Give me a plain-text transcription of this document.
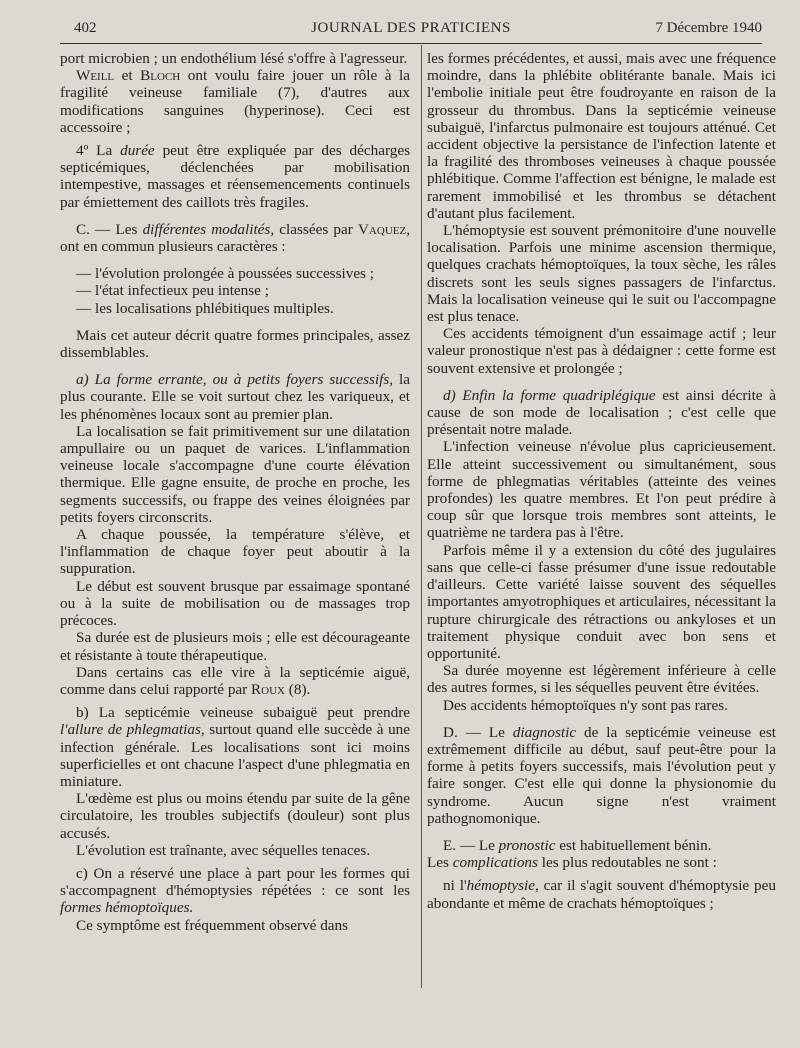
402	JOURNAL DES PRATICIENS	7 Décembre 1940

port microbien ; un endothélium lésé s'offre à l'agresseur.

Weill et Bloch ont voulu faire jouer un rôle à la fragilité veineuse familiale (7), d'autres aux modifications sanguines (hyperinose). Ceci est accessoire ;

4º La durée peut être expliquée par des décharges septicémiques, déclenchées par mobilisation intempestive, massages et réensemencements continuels par émiettement des caillots très fragiles.

C. — Les différentes modalités, classées par Vaquez, ont en commun plusieurs caractères :

— l'évolution prolongée à poussées successives ;
— l'état infectieux peu intense ;
— les localisations phlébitiques multiples.

Mais cet auteur décrit quatre formes principales, assez dissemblables.

a) La forme errante, ou à petits foyers successifs, la plus courante. Elle se voit surtout chez les variqueux, et les phénomènes locaux sont au premier plan.

La localisation se fait primitivement sur une dilatation ampullaire ou un paquet de varices. L'inflammation veineuse locale s'accompagne d'une courte élévation thermique. Elle gagne ensuite, de proche en proche, les segments successifs, ou frappe des veines éloignées par petits foyers circonscrits.

A chaque poussée, la température s'élève, et l'inflammation de chaque foyer peut aboutir à la suppuration.

Le début est souvent brusque par essaimage spontané ou à la suite de mobilisation ou de massages trop précoces.

Sa durée est de plusieurs mois ; elle est décourageante et résistante à toute thérapeutique.

Dans certains cas elle vire à la septicémie aiguë, comme dans celui rapporté par Roux (8).

b) La septicémie veineuse subaiguë peut prendre l'allure de phlegmatias, surtout quand elle succède à une infection générale. Les localisations sont ici moins superficielles et ont chacune l'aspect d'une phlegmatia en miniature.

L'œdème est plus ou moins étendu par suite de la gêne circulatoire, les troubles subjectifs (douleur) sont plus accusés.

L'évolution est traînante, avec séquelles tenaces.

c) On a réservé une place à part pour les formes qui s'accompagnent d'hémoptysies répétées : ce sont les formes hémoptoïques.

Ce symptôme est fréquemment observé dans

les formes précédentes, et aussi, mais avec une fréquence moindre, dans la phlébite oblitérante banale. Mais ici l'embolie initiale peut être foudroyante en raison de la grosseur du thrombus. Dans la septicémie veineuse subaiguë, l'infarctus pulmonaire est toujours atténué. Cet accident objective la persistance de l'infection latente et la fragilité des thromboses veineuses à chaque poussée phlébitique. Comme l'affection est bénigne, le malade est rarement immobilisé et les thrombus se détachent d'autant plus facilement.

L'hémoptysie est souvent prémonitoire d'une nouvelle localisation. Parfois une minime ascension thermique, quelques crachats hémoptoïques, la toux sèche, les râles discrets sont les seuls signes passagers de l'infarctus. Mais la localisation veineuse qui le suit ou l'accompagne est plus tenace.

Ces accidents témoignent d'un essaimage actif ; leur valeur pronostique n'est pas à dédaigner : cette forme est souvent extensive et prolongée ;

d) Enfin la forme quadriplégique est ainsi décrite à cause de son mode de localisation ; c'est celle que présentait notre malade.

L'infection veineuse n'évolue plus capricieusement. Elle atteint successivement ou simultanément, sous forme de phlegmatias véritables (atteinte des veines profondes) les quatre membres. Et l'on peut prédire à coup sûr que lorsque trois membres sont atteints, le quatrième ne tardera pas à l'être.

Parfois même il y a extension du côté des jugulaires sans que celle-ci fasse présumer d'une issue redoutable d'ailleurs. Cette variété laisse souvent des séquelles importantes amyotrophiques et articulaires, nécessitant la rupture chirurgicale des rétractions ou ankyloses et un traitement physique conduit avec bon sens et opportunité.

Sa durée moyenne est légèrement inférieure à celle des autres formes, si les séquelles peuvent être évitées.

Des accidents hémoptoïques n'y sont pas rares.

D. — Le diagnostic de la septicémie veineuse est extrêmement difficile au début, sauf peut-être pour la forme à petits foyers successifs, mais l'évolution peut y faire songer. C'est elle qui donne la physionomie du syndrome. Aucun signe n'est vraiment pathognomonique.

E. — Le pronostic est habituellement bénin.

Les complications les plus redoutables ne sont :

ni l'hémoptysie, car il s'agit souvent d'hémoptysie peu abondante et même de crachats hémoptoïques ;
